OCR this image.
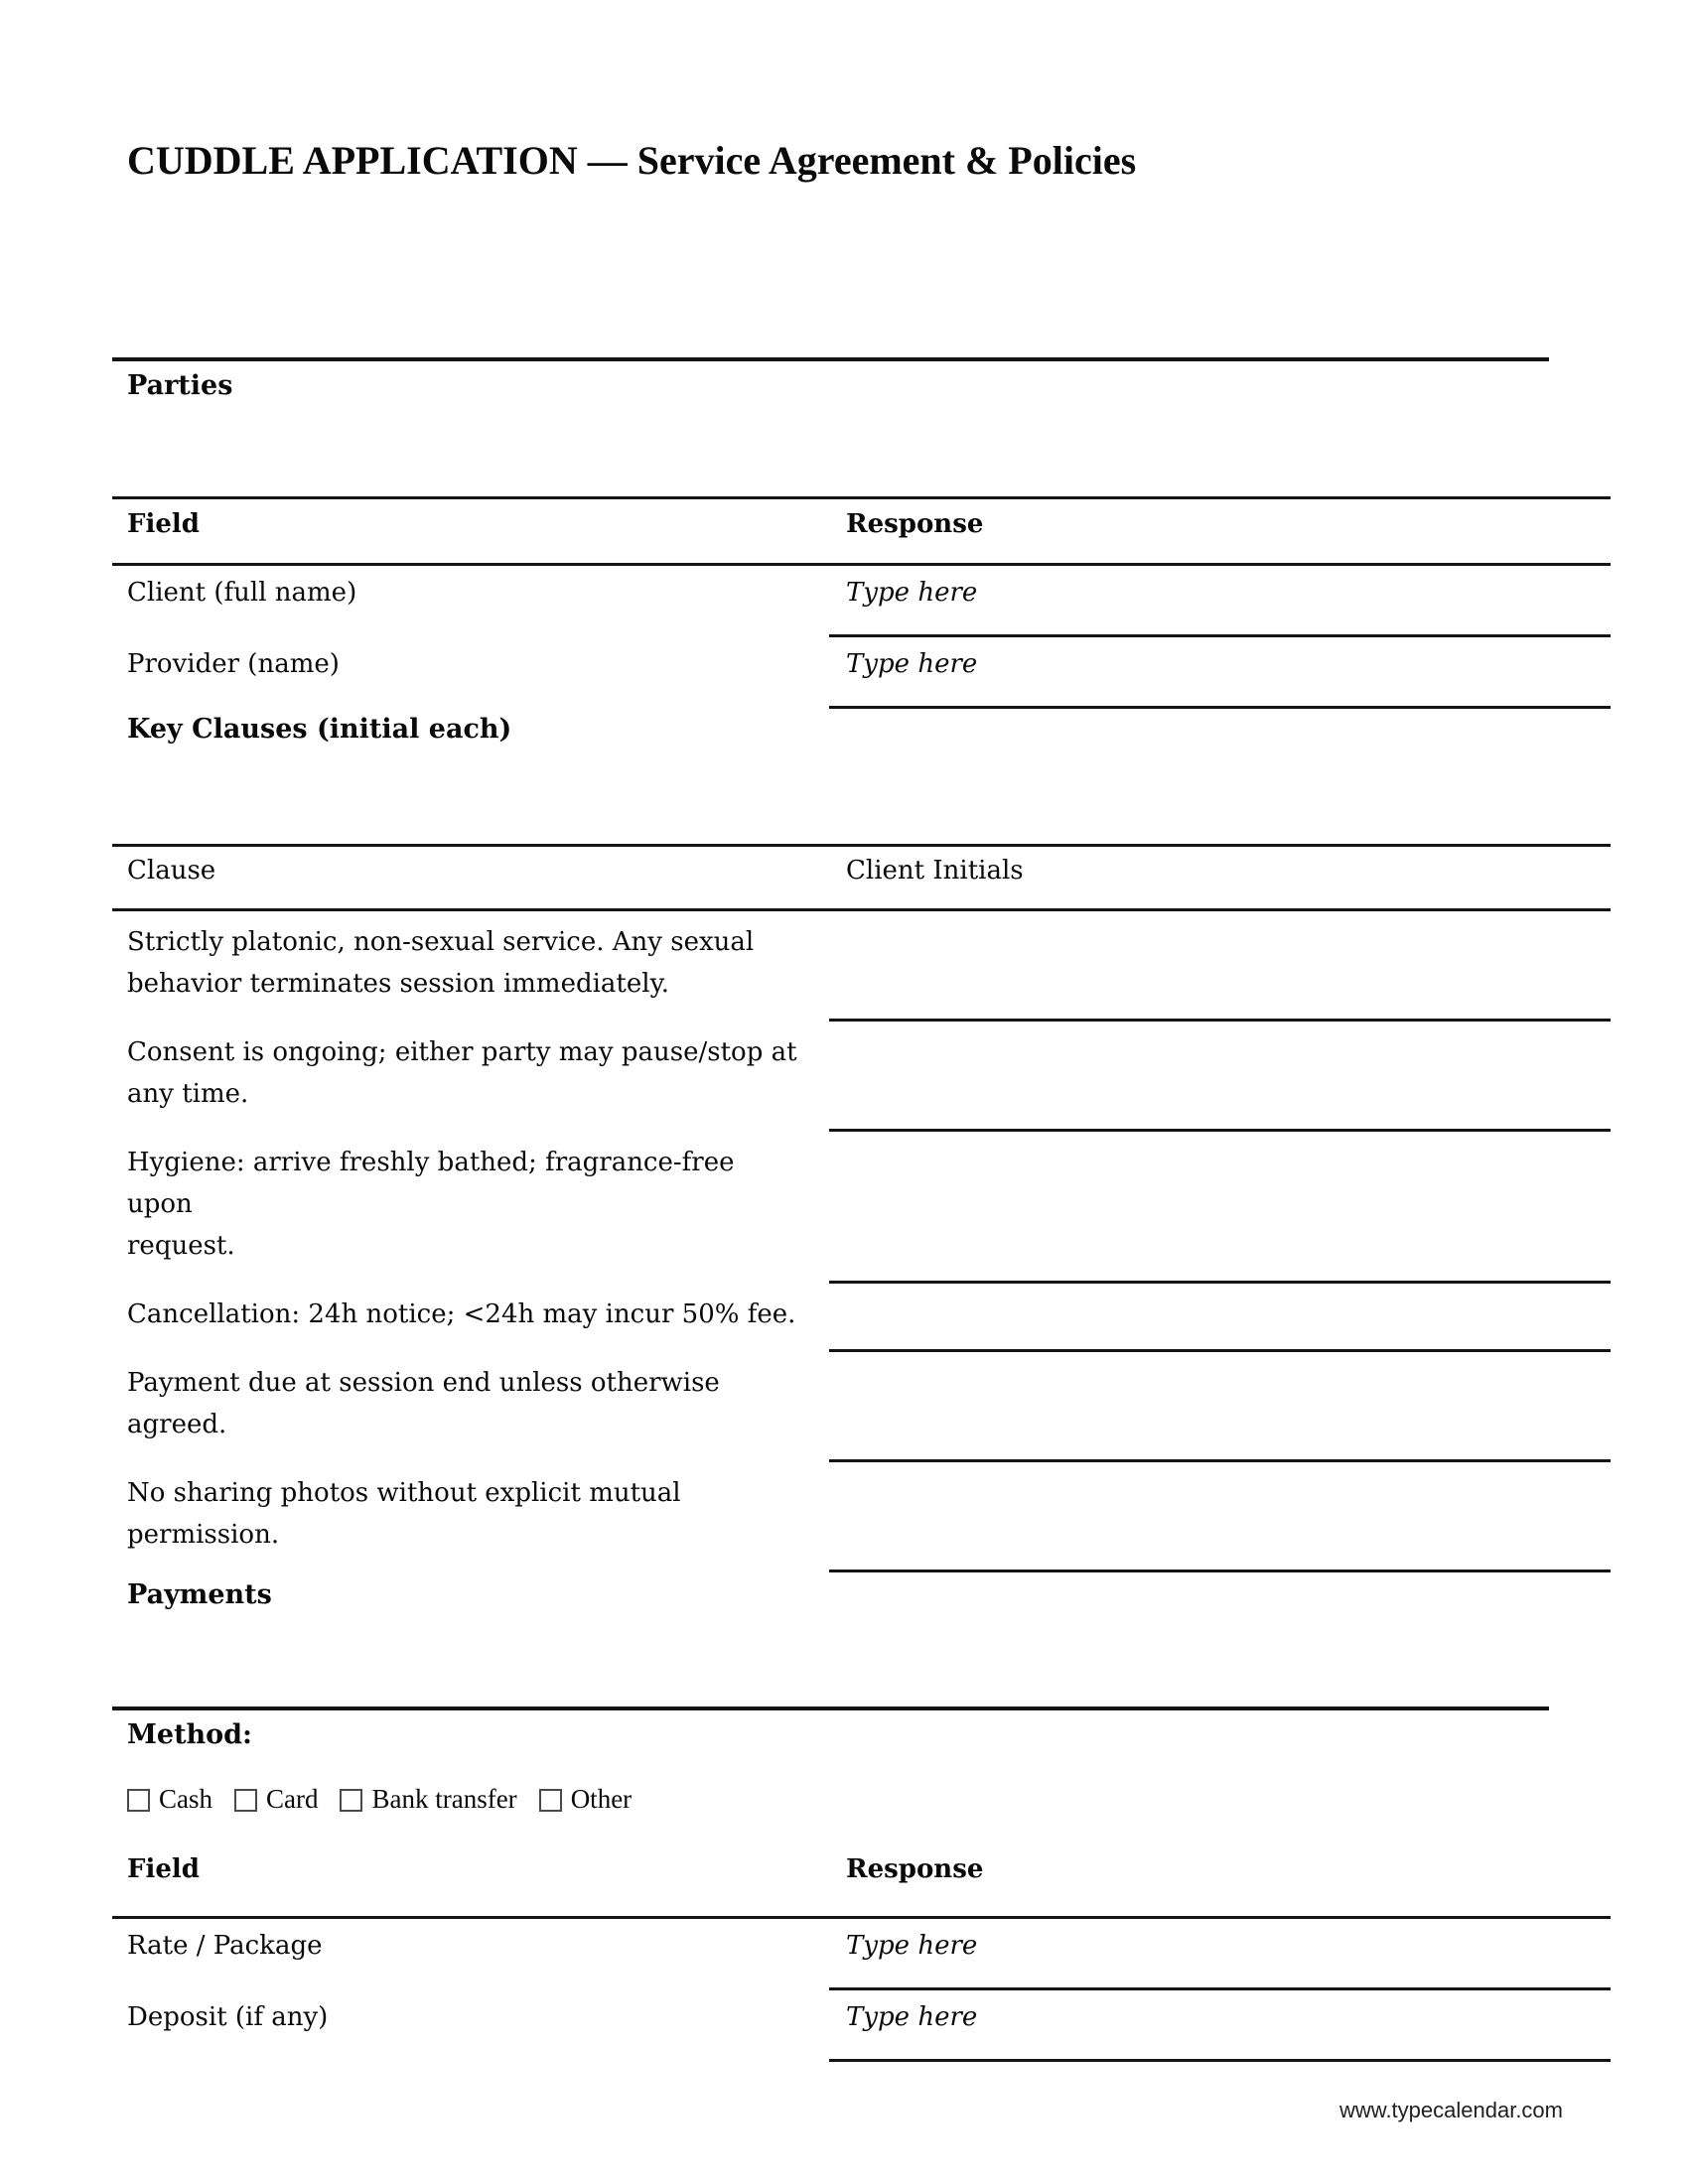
CUDDLE APPLICATION — Service Agreement & Policies
Parties
Field	Response
Client (full name)	Type here
Provider (name)	Type here
Key Clauses (initial each)
Clause	Client Initials
Strictly platonic, non-sexual service. Any sexual
behavior terminates session immediately.
Consent is ongoing; either party may pause/stop at
any time.
Hygiene: arrive freshly bathed; fragrance-free upon
request.
Cancellation: 24h notice; <24h may incur 50% fee.
Payment due at session end unless otherwise agreed.
No sharing photos without explicit mutual
permission.
Payments
Method:
Cash Card Bank transfer Other
Field	Response
Rate / Package	Type here
Deposit (if any)	Type here
www.typecalendar.com
